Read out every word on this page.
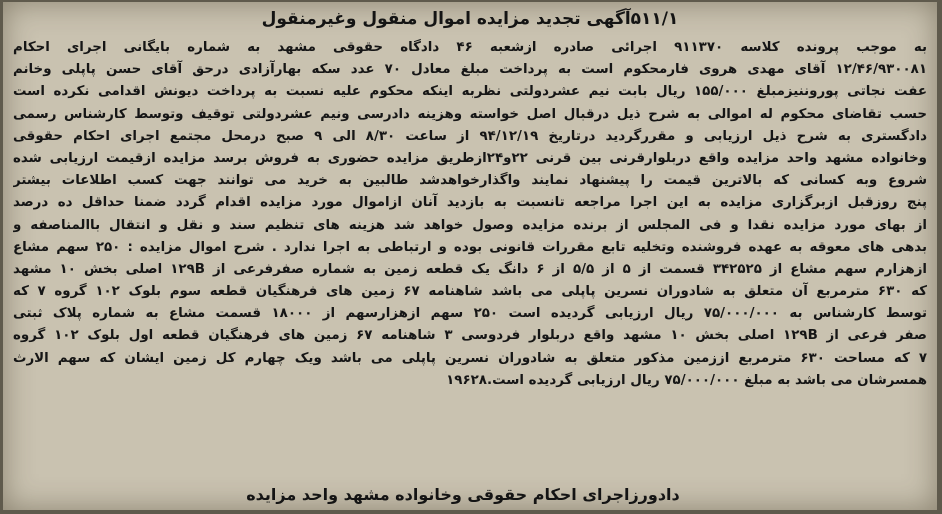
۵۱۱/۱آگهی تجدید مزایده اموال منقول وغیرمنقول
به موجب پرونده کلاسه ۹۱۱۳۷۰ اجرائی صادره ازشعبه ۴۶ دادگاه حقوقی مشهد به شماره بایگانی اجرای احکام
۱۲/۴۶/۹۳۰۰۸۱ آقای مهدی هروی فارمحکوم است به پرداخت مبلغ معادل ۷۰ عدد سکه بهارآزادی درحق آقای حسن پاپلی وخانم
عفت نجاتی پوروننیزمبلغ ۱۵۵/۰۰۰ ریال بابت نیم عشردولتی نظربه اینکه محکوم علیه نسبت به پرداخت دیونش اقدامی نکرده است
حسب تقاضای محکوم له اموالی به شرح ذیل درقبال اصل خواسته وهزینه دادرسی ونیم عشردولتی توقیف وتوسط کارشناس رسمی
دادگستری به شرح ذیل ارزیابی و مقررگردید درتاریخ ۹۴/۱۲/۱۹ از ساعت ۸/۳۰ الی ۹ صبح درمحل مجتمع اجرای احکام حقوقی
وخانواده مشهد واحد مزایده واقع دربلوارقرنی بین قرنی ۲۲و۲۴ازطریق مزایده حضوری به فروش برسد مزایده ازقیمت ارزیابی شده
شروع وبه کسانی که بالاترین قیمت را پیشنهاد نمایند واگذارخواهدشد طالبین به خرید می توانند جهت کسب اطلاعات بیشتر
پنج روزقبل ازبرگزاری مزایده به این اجرا مراجعه تانسبت به بازدید آنان ازاموال مورد مزایده اقدام گردد ضمنا حداقل ده درصد
از بهای مورد مزایده نقدا و فی المجلس از برنده مزایده وصول خواهد شد هزینه های تنظیم سند و نقل و انتقال باالمناصفه و
بدهی های معوقه به عهده فروشنده وتخلیه تابع مقررات قانونی بوده و ارتباطی به اجرا ندارد . شرح اموال مزایده : ۲۵۰ سهم مشاع
ازهزارم سهم مشاع از ۳۴۲۵۲۵ قسمت از ۵ از ۵/۵ از ۶ دانگ یک قطعه زمین به شماره صفرفرعی از ۱۲۹B اصلی بخش ۱۰ مشهد
که ۶۳۰ مترمربع آن متعلق به شادوران نسرین پاپلی می باشد شاهنامه ۶۷ زمین های فرهنگیان قطعه سوم بلوک ۱۰۲ گروه ۷ که
توسط کارشناس به ۷۵/۰۰۰/۰۰۰ ریال ارزیابی گردیده است ۲۵۰ سهم ازهزارسهم از ۱۸۰۰۰ قسمت مشاع به شماره پلاک ثبتی
صفر فرعی از ۱۲۹B اصلی بخش ۱۰ مشهد واقع دربلوار فردوسی ۳ شاهنامه ۶۷ زمین های فرهنگیان قطعه اول بلوک ۱۰۲ گروه
۷ که مساحت ۶۳۰ مترمربع اززمین مذکور متعلق به شادوران نسرین پاپلی می باشد ویک چهارم کل زمین ایشان که سهم الارث
همسرشان می باشد به مبلغ ۷۵/۰۰۰/۰۰۰ ریال ارزیابی گردیده است.۱۹۶۲۸
دادورزاجرای احکام حقوقی وخانواده مشهد واحد مزایده
